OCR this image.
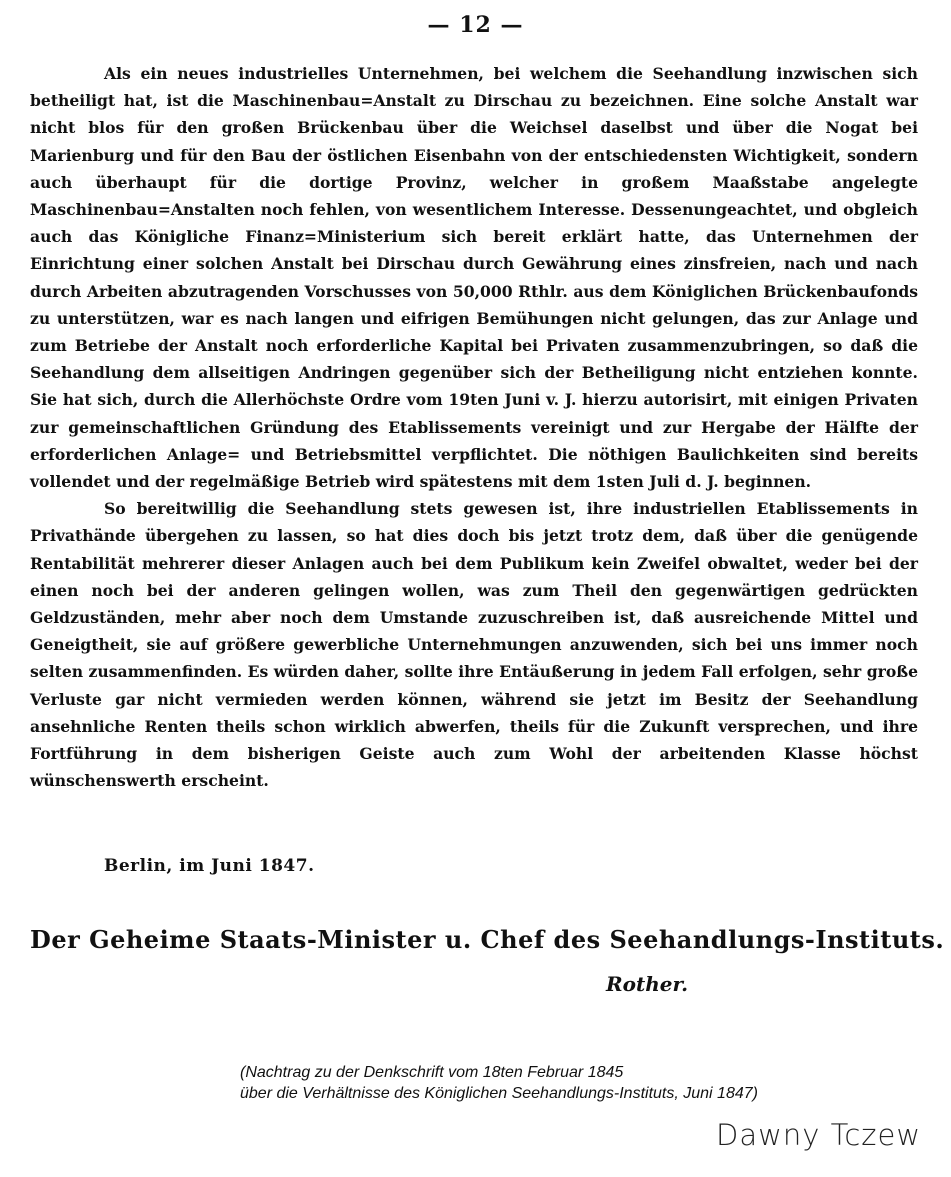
— 12 —

Als ein neues industrielles Unternehmen, bei welchem die Seehandlung inzwischen sich betheiligt hat, ist die Maschinenbau=Anstalt zu Dirschau zu bezeichnen. Eine solche Anstalt war nicht blos für den großen Brückenbau über die Weichsel daselbst und über die Nogat bei Marienburg und für den Bau der östlichen Eisenbahn von der entschiedensten Wichtigkeit, sondern auch überhaupt für die dortige Provinz, welcher in großem Maaßstabe angelegte Maschinenbau=Anstalten noch fehlen, von wesentlichem Interesse. Dessenungeachtet, und obgleich auch das Königliche Finanz=Ministerium sich bereit erklärt hatte, das Unternehmen der Einrichtung einer solchen Anstalt bei Dirschau durch Gewährung eines zinsfreien, nach und nach durch Arbeiten abzutragenden Vorschusses von 50,000 Rthlr. aus dem Königlichen Brückenbaufonds zu unterstützen, war es nach langen und eifrigen Bemühungen nicht gelungen, das zur Anlage und zum Betriebe der Anstalt noch erforderliche Kapital bei Privaten zusammenzubringen, so daß die Seehandlung dem allseitigen Andringen gegenüber sich der Betheiligung nicht entziehen konnte. Sie hat sich, durch die Allerhöchste Ordre vom 19ten Juni v. J. hierzu autorisirt, mit einigen Privaten zur gemeinschaftlichen Gründung des Etablissements vereinigt und zur Hergabe der Hälfte der erforderlichen Anlage= und Betriebsmittel verpflichtet. Die nöthigen Baulichkeiten sind bereits vollendet und der regelmäßige Betrieb wird spätestens mit dem 1sten Juli d. J. beginnen.

So bereitwillig die Seehandlung stets gewesen ist, ihre industriellen Etablissements in Privathände übergehen zu lassen, so hat dies doch bis jetzt trotz dem, daß über die genügende Rentabilität mehrerer dieser Anlagen auch bei dem Publikum kein Zweifel obwaltet, weder bei der einen noch bei der anderen gelingen wollen, was zum Theil den gegenwärtigen gedrückten Geldzuständen, mehr aber noch dem Umstande zuzuschreiben ist, daß ausreichende Mittel und Geneigtheit, sie auf größere gewerbliche Unternehmungen anzuwenden, sich bei uns immer noch selten zusammenfinden. Es würden daher, sollte ihre Entäußerung in jedem Fall erfolgen, sehr große Verluste gar nicht vermieden werden können, während sie jetzt im Besitz der Seehandlung ansehnliche Renten theils schon wirklich abwerfen, theils für die Zukunft versprechen, und ihre Fortführung in dem bisherigen Geiste auch zum Wohl der arbeitenden Klasse höchst wünschenswerth erscheint.

Berlin, im Juni 1847.
Der Geheime Staats-Minister u. Chef des Seehandlungs-Instituts.
Rother.
(Nachtrag zu der Denkschrift vom 18ten Februar 1845
über die Verhältnisse des Königlichen Seehandlungs-Instituts, Juni 1847)
Dawny Tczew
